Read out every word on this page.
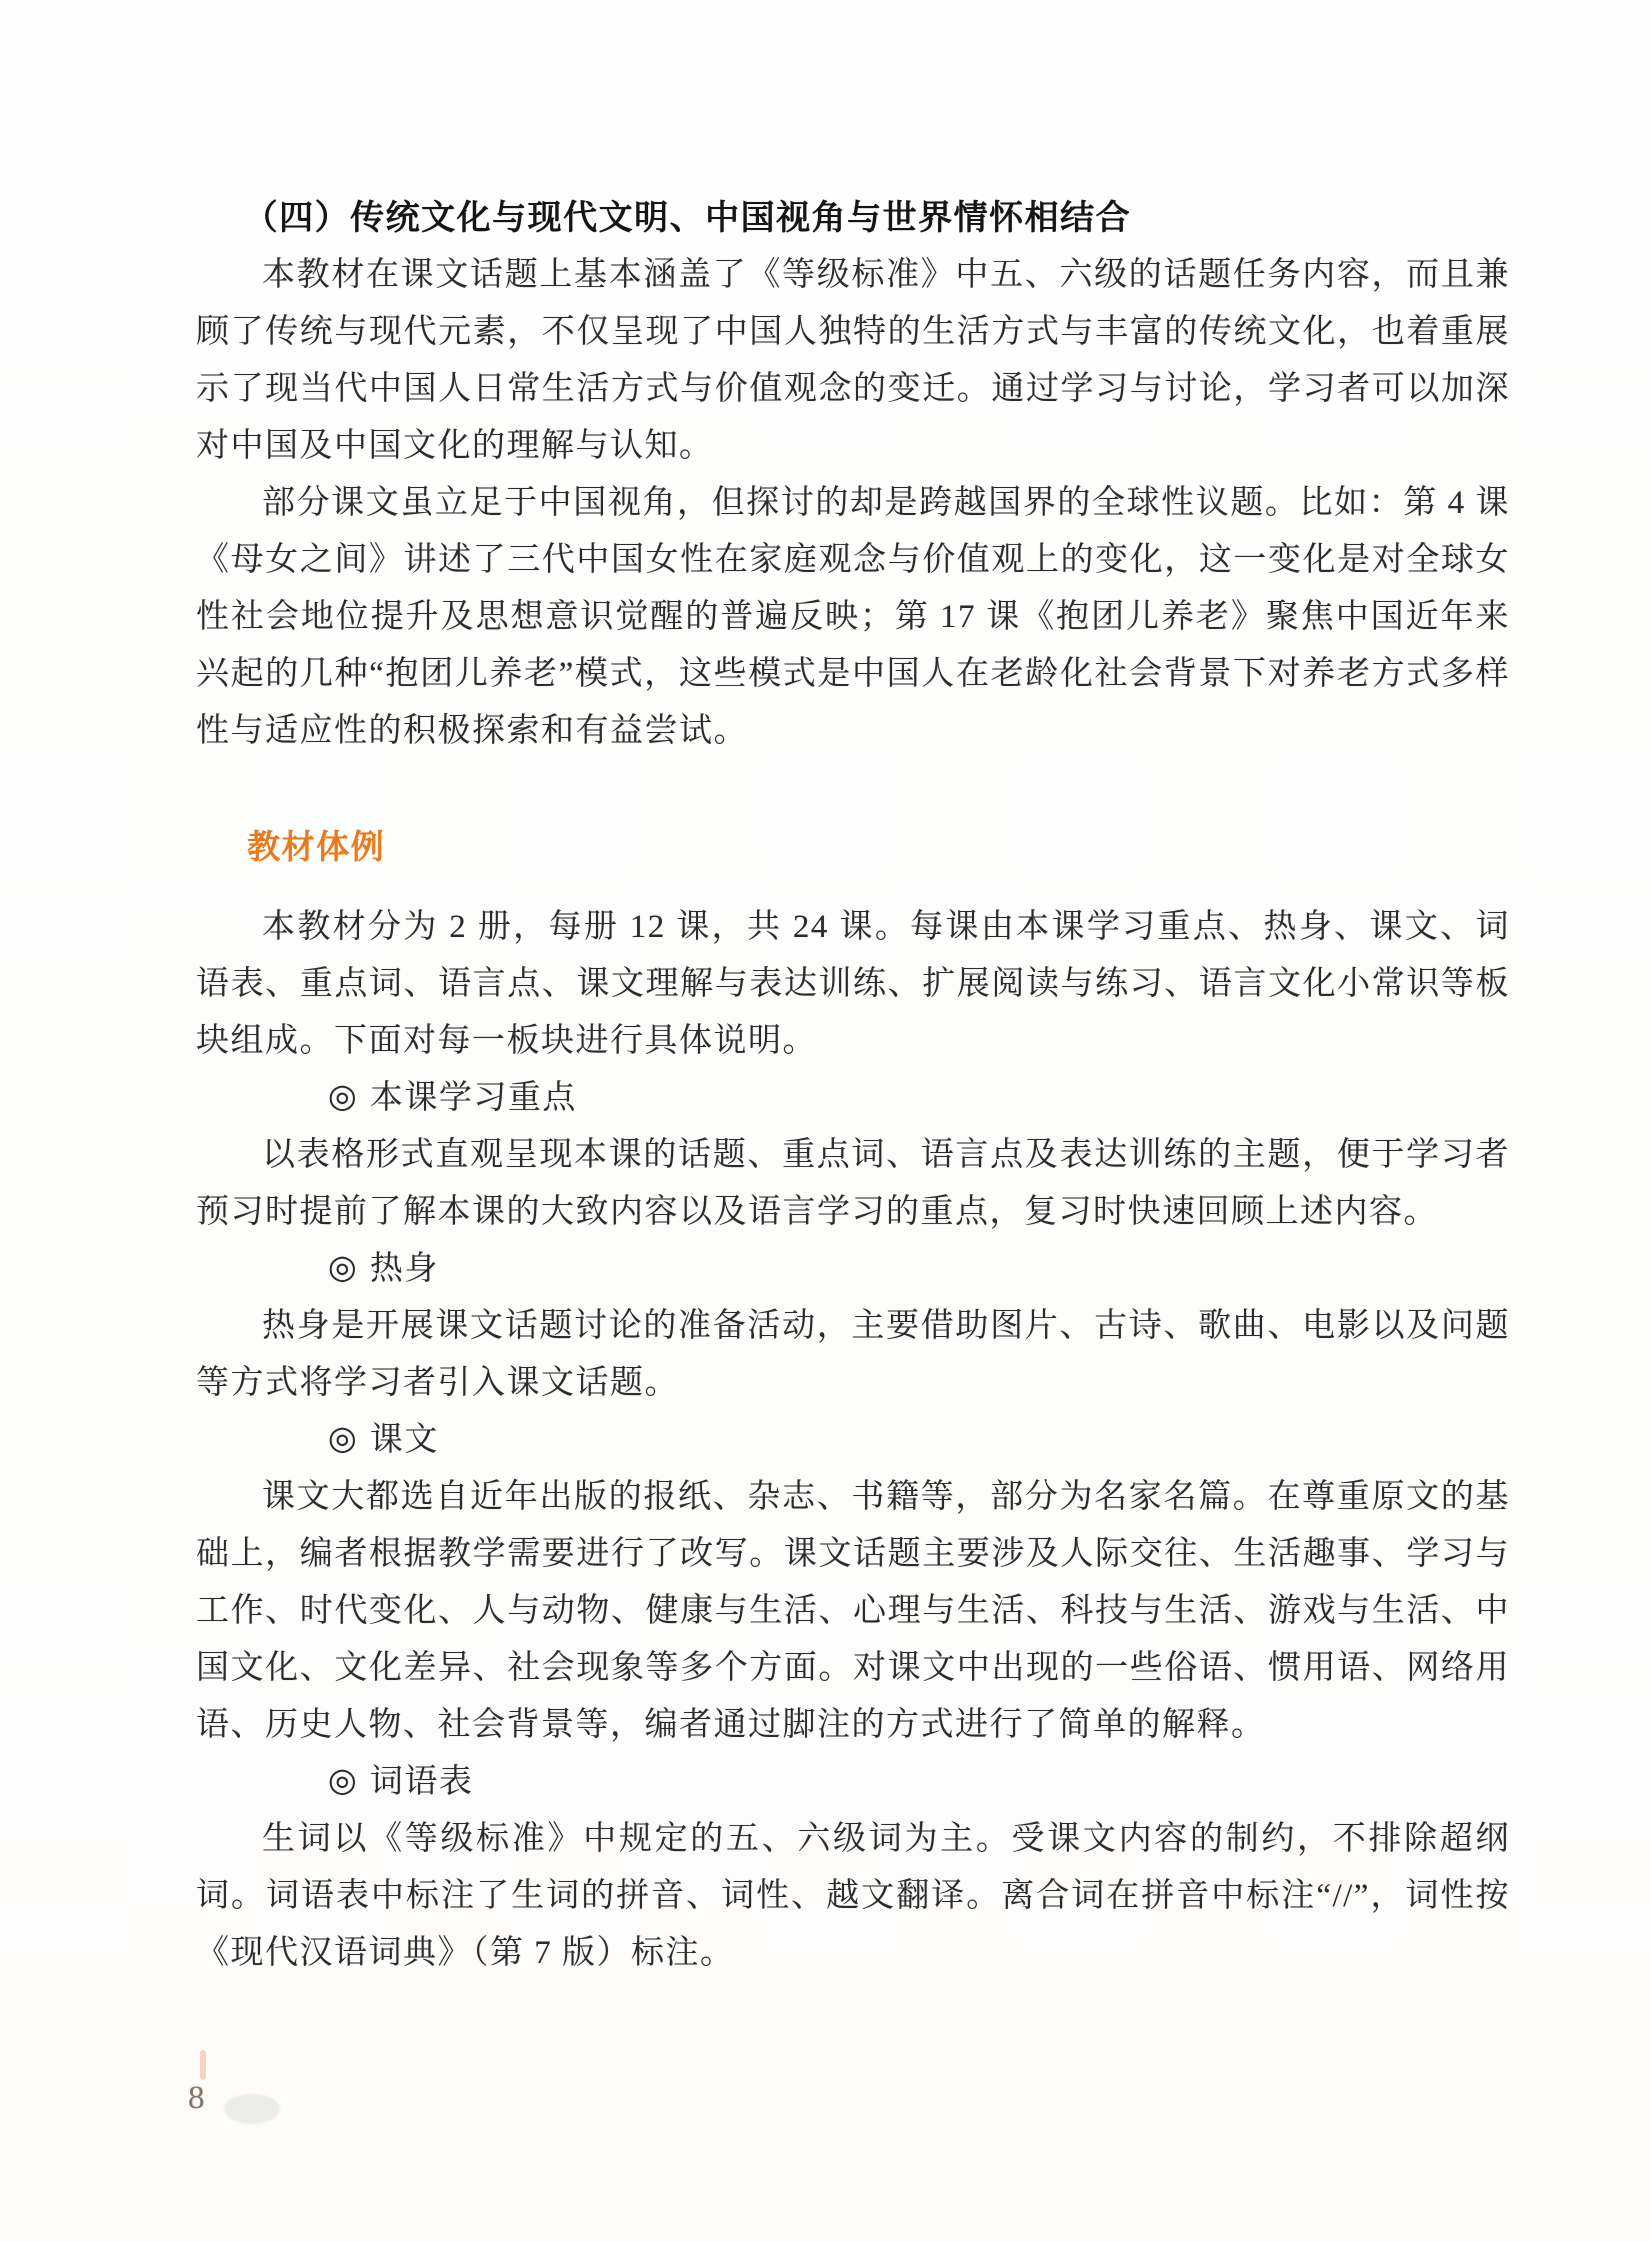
（四）传统文化与现代文明、中国视角与世界情怀相结合

本教材在课文话题上基本涵盖了《等级标准》中五、六级的话题任务内容，而且兼顾了传统与现代元素，不仅呈现了中国人独特的生活方式与丰富的传统文化，也着重展示了现当代中国人日常生活方式与价值观念的变迁。通过学习与讨论，学习者可以加深对中国及中国文化的理解与认知。

部分课文虽立足于中国视角，但探讨的却是跨越国界的全球性议题。比如：第 4 课《母女之间》讲述了三代中国女性在家庭观念与价值观上的变化，这一变化是对全球女性社会地位提升及思想意识觉醒的普遍反映；第 17 课《抱团儿养老》聚焦中国近年来兴起的几种“抱团儿养老”模式，这些模式是中国人在老龄化社会背景下对养老方式多样性与适应性的积极探索和有益尝试。

教材体例

本教材分为 2 册，每册 12 课，共 24 课。每课由本课学习重点、热身、课文、词语表、重点词、语言点、课文理解与表达训练、扩展阅读与练习、语言文化小常识等板块组成。下面对每一板块进行具体说明。

◎ 本课学习重点

以表格形式直观呈现本课的话题、重点词、语言点及表达训练的主题，便于学习者预习时提前了解本课的大致内容以及语言学习的重点，复习时快速回顾上述内容。

◎ 热身

热身是开展课文话题讨论的准备活动，主要借助图片、古诗、歌曲、电影以及问题等方式将学习者引入课文话题。

◎ 课文

课文大都选自近年出版的报纸、杂志、书籍等，部分为名家名篇。在尊重原文的基础上，编者根据教学需要进行了改写。课文话题主要涉及人际交往、生活趣事、学习与工作、时代变化、人与动物、健康与生活、心理与生活、科技与生活、游戏与生活、中国文化、文化差异、社会现象等多个方面。对课文中出现的一些俗语、惯用语、网络用语、历史人物、社会背景等，编者通过脚注的方式进行了简单的解释。

◎ 词语表

生词以《等级标准》中规定的五、六级词为主。受课文内容的制约，不排除超纲词。词语表中标注了生词的拼音、词性、越文翻译。离合词在拼音中标注“//”，词性按《现代汉语词典》（第 7 版）标注。

8
